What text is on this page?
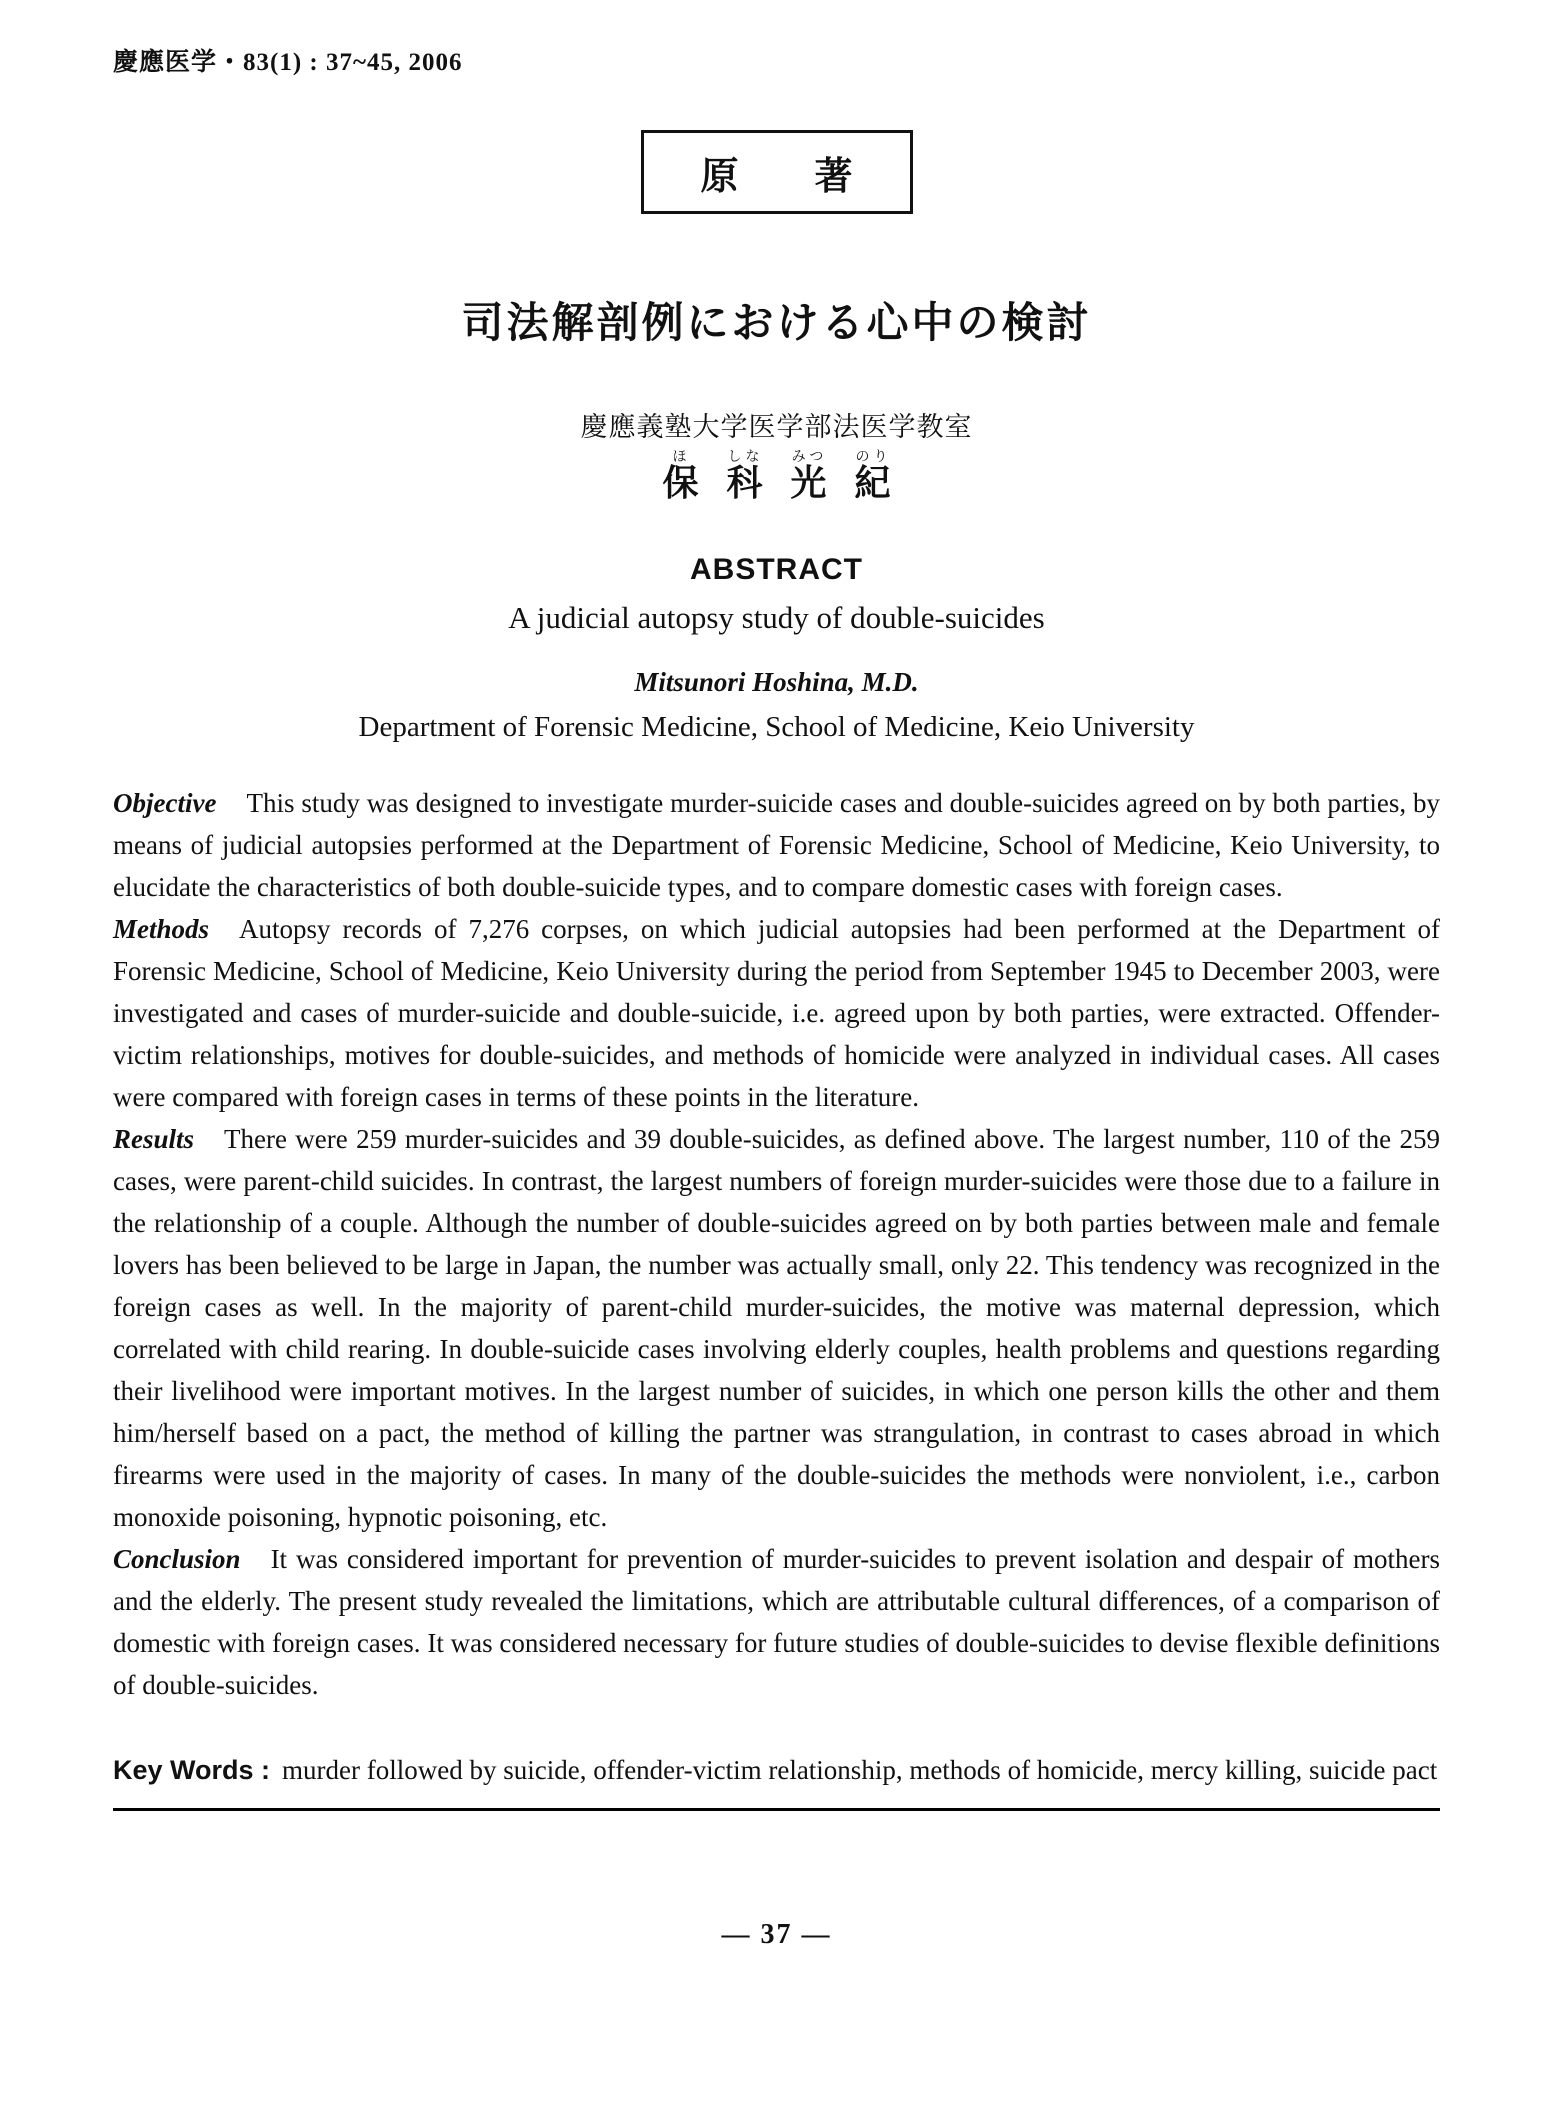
慶應医学・83(1) : 37~45, 2006
原　　著
司法解剖例における心中の検討
慶應義塾大学医学部法医学教室
保ほ科しな光みつ紀のり
ABSTRACT
A judicial autopsy study of double-suicides
Mitsunori Hoshina, M.D.
Department of Forensic Medicine, School of Medicine, Keio University

Objective This study was designed to investigate murder-suicide cases and double-suicides agreed on by both parties, by means of judicial autopsies performed at the Department of Forensic Medicine, School of Medicine, Keio University, to elucidate the characteristics of both double-suicide types, and to compare domestic cases with foreign cases.

Methods Autopsy records of 7,276 corpses, on which judicial autopsies had been performed at the Department of Forensic Medicine, School of Medicine, Keio University during the period from September 1945 to December 2003, were investigated and cases of murder-suicide and double-suicide, i.e. agreed upon by both parties, were extracted. Offender-victim relationships, motives for double-suicides, and methods of homicide were analyzed in individual cases. All cases were compared with foreign cases in terms of these points in the literature.

Results There were 259 murder-suicides and 39 double-suicides, as defined above. The largest number, 110 of the 259 cases, were parent-child suicides. In contrast, the largest numbers of foreign murder-suicides were those due to a failure in the relationship of a couple. Although the number of double-suicides agreed on by both parties between male and female lovers has been believed to be large in Japan, the number was actually small, only 22. This tendency was recognized in the foreign cases as well. In the majority of parent-child murder-suicides, the motive was maternal depression, which correlated with child rearing. In double-suicide cases involving elderly couples, health problems and questions regarding their livelihood were important motives. In the largest number of suicides, in which one person kills the other and them him/herself based on a pact, the method of killing the partner was strangulation, in contrast to cases abroad in which firearms were used in the majority of cases. In many of the double-suicides the methods were nonviolent, i.e., carbon monoxide poisoning, hypnotic poisoning, etc.

Conclusion It was considered important for prevention of murder-suicides to prevent isolation and despair of mothers and the elderly. The present study revealed the limitations, which are attributable cultural differences, of a comparison of domestic with foreign cases. It was considered necessary for future studies of double-suicides to devise flexible definitions of double-suicides.

Key Words : murder followed by suicide, offender-victim relationship, methods of homicide, mercy killing, suicide pact
— 37 —
